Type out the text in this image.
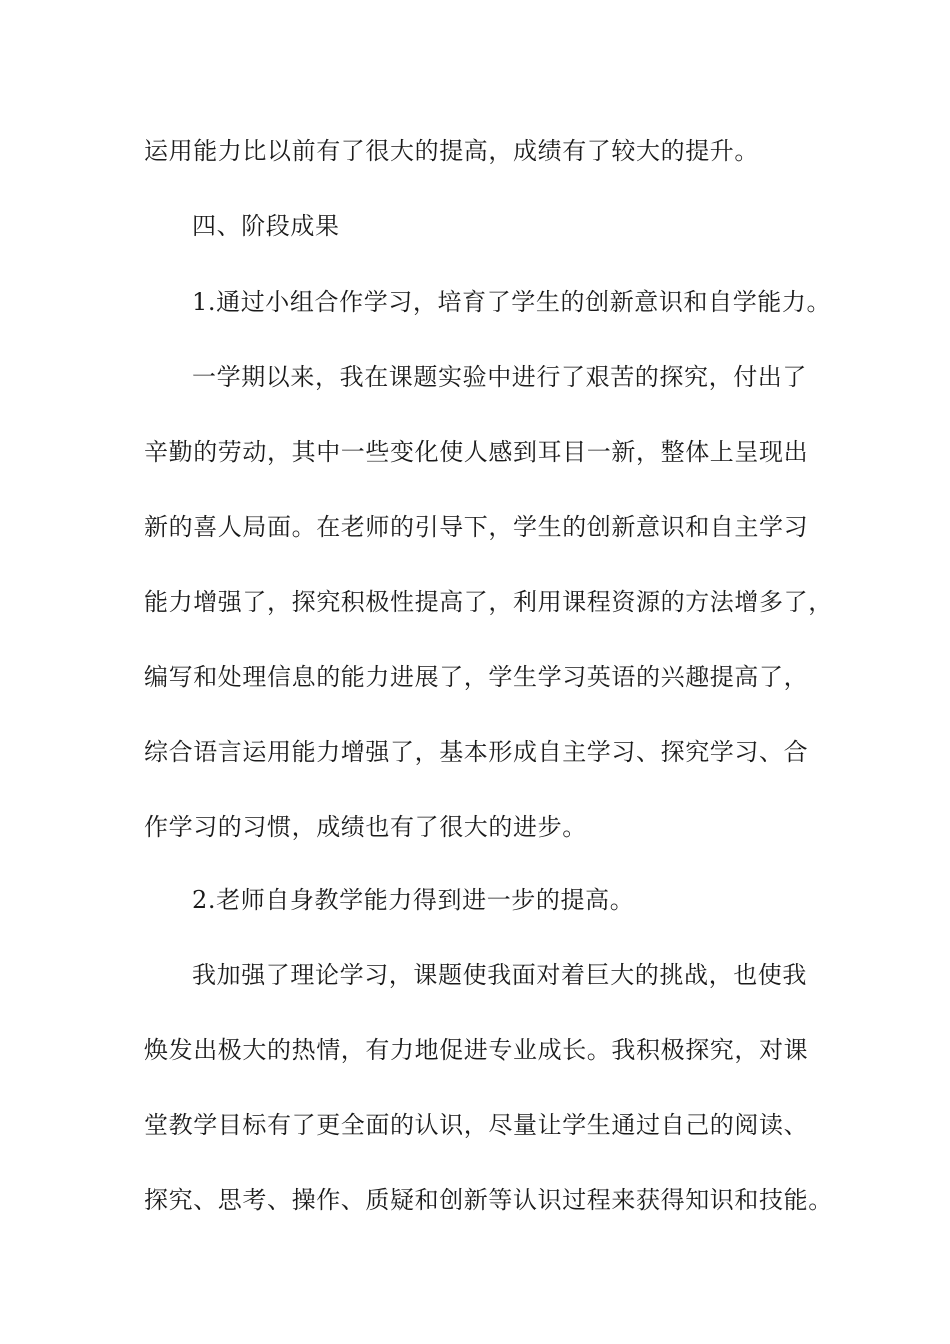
运用能力比以前有了很大的提高，成绩有了较大的提升。
四、阶段成果
1.通过小组合作学习，培育了学生的创新意识和自学能力。
一学期以来，我在课题实验中进行了艰苦的探究，付出了
辛勤的劳动，其中一些变化使人感到耳目一新，整体上呈现出
新的喜人局面。在老师的引导下，学生的创新意识和自主学习
能力增强了，探究积极性提高了，利用课程资源的方法增多了，
编写和处理信息的能力进展了，学生学习英语的兴趣提高了，
综合语言运用能力增强了，基本形成自主学习、探究学习、合
作学习的习惯，成绩也有了很大的进步。
2.老师自身教学能力得到进一步的提高。
我加强了理论学习，课题使我面对着巨大的挑战，也使我
焕发出极大的热情，有力地促进专业成长。我积极探究，对课
堂教学目标有了更全面的认识，尽量让学生通过自己的阅读、
探究、思考、操作、质疑和创新等认识过程来获得知识和技能。
